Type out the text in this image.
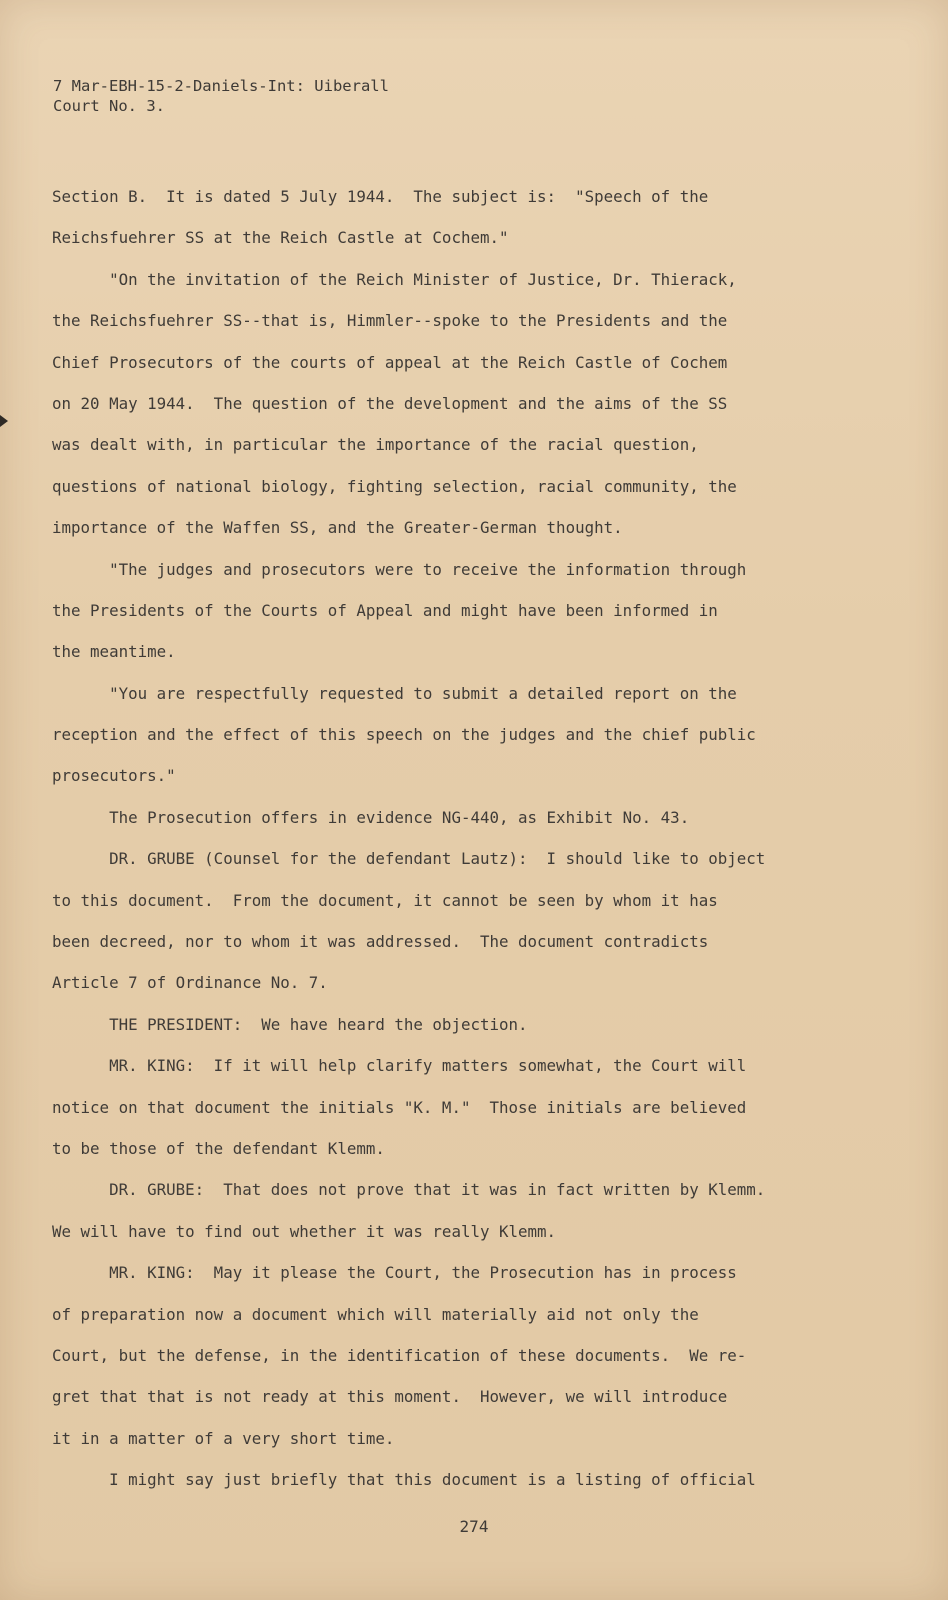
7 Mar-EBH-15-2-Daniels-Int: Uiberall
Court No. 3.
Section B.  It is dated 5 July 1944.  The subject is:  "Speech of the
Reichsfuehrer SS at the Reich Castle at Cochem."
"On the invitation of the Reich Minister of Justice, Dr. Thierack,
the Reichsfuehrer SS--that is, Himmler--spoke to the Presidents and the
Chief Prosecutors of the courts of appeal at the Reich Castle of Cochem
on 20 May 1944.  The question of the development and the aims of the SS
was dealt with, in particular the importance of the racial question,
questions of national biology, fighting selection, racial community, the
importance of the Waffen SS, and the Greater-German thought.
"The judges and prosecutors were to receive the information through
the Presidents of the Courts of Appeal and might have been informed in
the meantime.
"You are respectfully requested to submit a detailed report on the
reception and the effect of this speech on the judges and the chief public
prosecutors."
The Prosecution offers in evidence NG-440, as Exhibit No. 43.
DR. GRUBE (Counsel for the defendant Lautz):  I should like to object
to this document.  From the document, it cannot be seen by whom it has
been decreed, nor to whom it was addressed.  The document contradicts
Article 7 of Ordinance No. 7.
THE PRESIDENT:  We have heard the objection.
MR. KING:  If it will help clarify matters somewhat, the Court will
notice on that document the initials "K. M."  Those initials are believed
to be those of the defendant Klemm.
DR. GRUBE:  That does not prove that it was in fact written by Klemm.
We will have to find out whether it was really Klemm.
MR. KING:  May it please the Court, the Prosecution has in process
of preparation now a document which will materially aid not only the
Court, but the defense, in the identification of these documents.  We re-
gret that that is not ready at this moment.  However, we will introduce
it in a matter of a very short time.
I might say just briefly that this document is a listing of official
274
